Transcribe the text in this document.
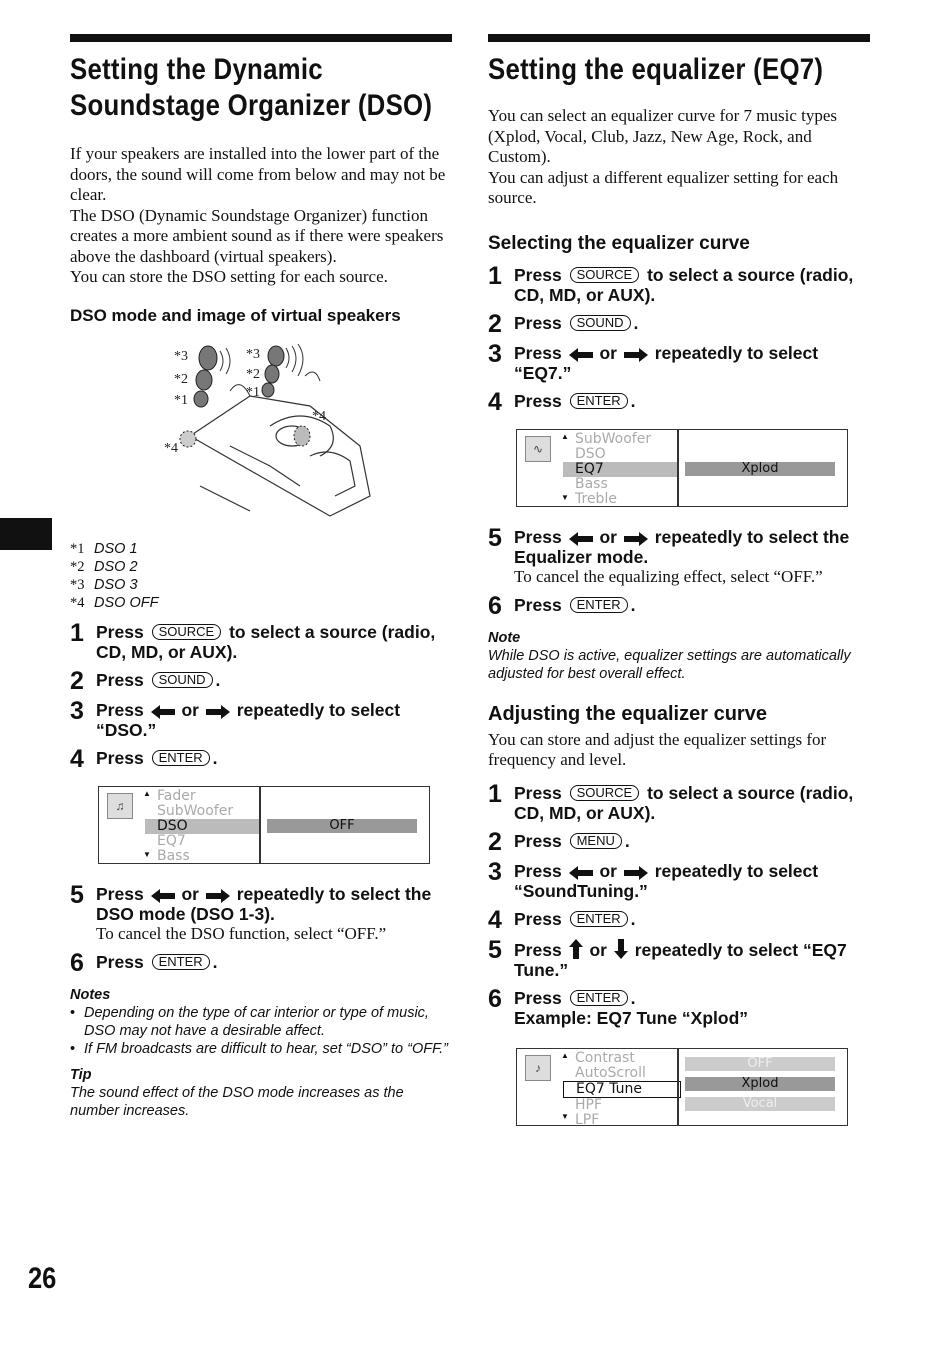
Setting the Dynamic
Soundstage Organizer (DSO)

If your speakers are installed into the lower part of the doors, the sound will come from below and may not be clear.
The DSO (Dynamic Soundstage Organizer) function creates a more ambient sound as if there were speakers above the dashboard (virtual speakers).
You can store the DSO setting for each source.

DSO mode and image of virtual speakers
*3
*2
*1
*3
*2
*1
*4
*4
*1 DSO 1
*2 DSO 2
*3 DSO 3
*4 DSO OFF
1 Press SOURCE to select a source (radio, CD, MD, or AUX).
2 Press SOUND .
3 Press or repeatedly to select “DSO.”
4 Press ENTER .
♫
▲ Fader
SubWoofer
DSO
EQ7
Bass
▼
OFF
5 Press or repeatedly to select the DSO mode (DSO 1-3).
To cancel the DSO function, select “OFF.”
6 Press ENTER .
Notes
• Depending on the type of car interior or type of music, DSO may not have a desirable affect.
• If FM broadcasts are difficult to hear, set “DSO” to “OFF.”
Tip
The sound effect of the DSO mode increases as the number increases.
Setting the equalizer (EQ7)

You can select an equalizer curve for 7 music types (Xplod, Vocal, Club, Jazz, New Age, Rock, and Custom).
You can adjust a different equalizer setting for each source.

Selecting the equalizer curve
1 Press SOURCE to select a source (radio, CD, MD, or AUX).
2 Press SOUND .
3 Press or repeatedly to select “EQ7.”
4 Press ENTER .
∿
▲ SubWoofer
DSO
EQ7
Bass
Treble
▼
Xplod
5 Press or repeatedly to select the Equalizer mode.
To cancel the equalizing effect, select “OFF.”
6 Press ENTER .
Note
While DSO is active, equalizer settings are automatically adjusted for best overall effect.
Adjusting the equalizer curve

You can store and adjust the equalizer settings for frequency and level.

1 Press SOURCE to select a source (radio, CD, MD, or AUX).
2 Press MENU .
3 Press or repeatedly to select “SoundTuning.”
4 Press ENTER .
5 Press or repeatedly to select “EQ7 Tune.”
6 Press ENTER .
Example: EQ7 Tune “Xplod”
♪
▲ Contrast
AutoScroll
EQ7 Tune
HPF
LPF
▼
OFF
Xplod
Vocal
26
